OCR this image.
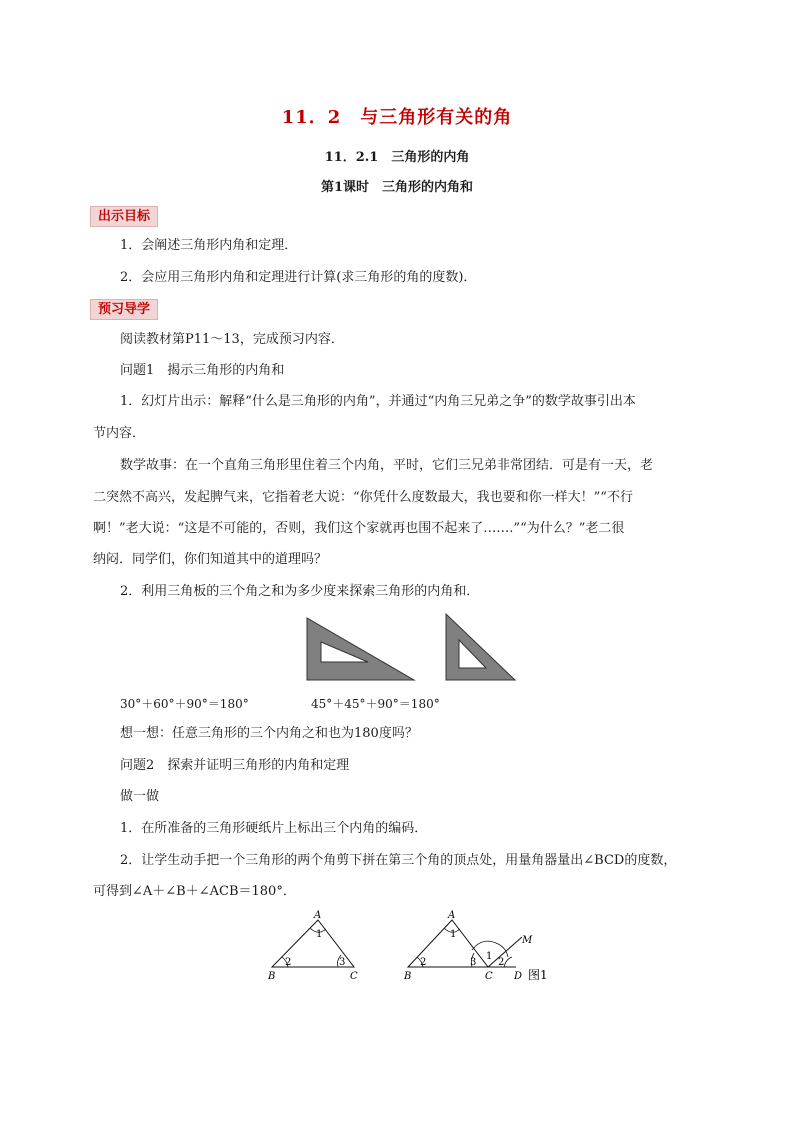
11．2　与三角形有关的角
11．2.1　三角形的内角
第1课时　三角形的内角和
出示目标
1．会阐述三角形内角和定理．
2．会应用三角形内角和定理进行计算(求三角形的角的度数)．
预习导学
阅读教材第P11～13，完成预习内容．
问题1　揭示三角形的内角和
1．幻灯片出示：解释“什么是三角形的内角”，并通过“内角三兄弟之争”的数学故事引出本
节内容．
数学故事：在一个直角三角形里住着三个内角，平时，它们三兄弟非常团结．可是有一天，老
二突然不高兴，发起脾气来，它指着老大说：“你凭什么度数最大，我也要和你一样大！”“不行
啊！”老大说：“这是不可能的，否则，我们这个家就再也围不起来了…….”“为什么？”老二很
纳闷．同学们，你们知道其中的道理吗？
2．利用三角板的三个角之和为多少度来探索三角形的内角和．
30°＋60°＋90°＝180°	45°＋45°＋90°＝180°
想一想：任意三角形的三个内角之和也为180度吗？
问题2　探索并证明三角形的内角和定理
做一做
1．在所准备的三角形硬纸片上标出三个内角的编码．
2．让学生动手把一个三角形的两个角剪下拼在第三个角的顶点处，用量角器量出∠BCD的度数，
可得到∠A＋∠B＋∠ACB＝180°．
A
B	C
1
2	3
A
B	C D
M
1
2	3
1
2
图1
